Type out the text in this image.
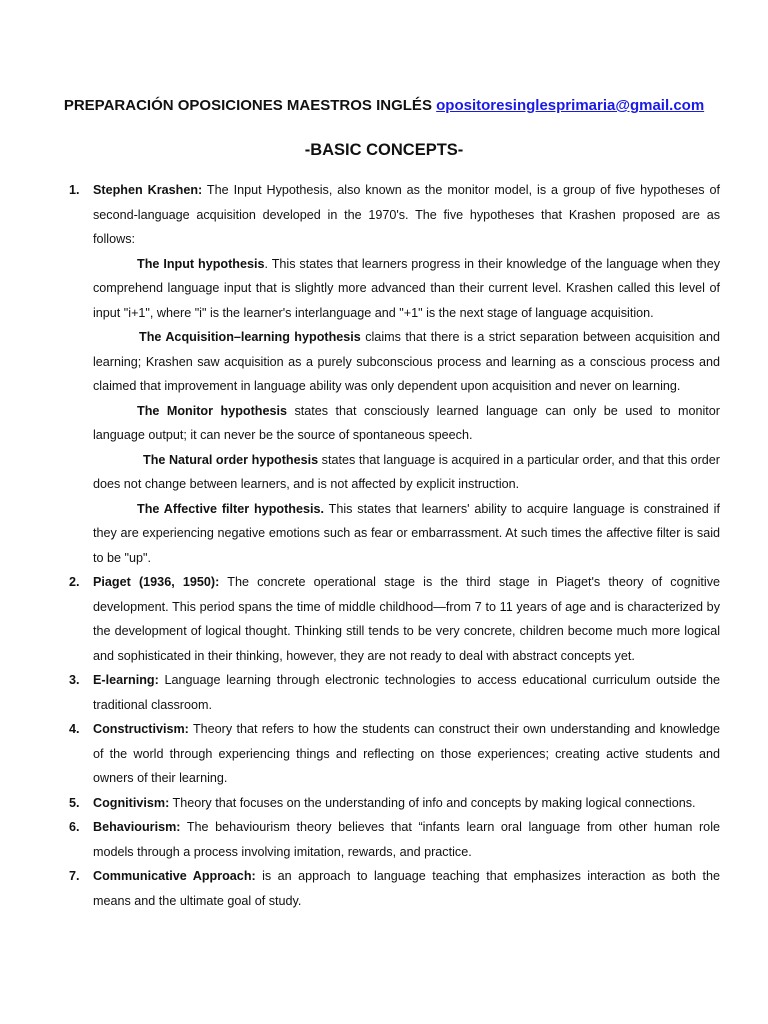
PREPARACIÓN OPOSICIONES MAESTROS INGLÉS opositoresinglesprimaria@gmail.com
-BASIC CONCEPTS-
1. Stephen Krashen: The Input Hypothesis, also known as the monitor model, is a group of five hypotheses of second-language acquisition developed in the 1970's. The five hypotheses that Krashen proposed are as follows:
The Input hypothesis. This states that learners progress in their knowledge of the language when they comprehend language input that is slightly more advanced than their current level. Krashen called this level of input "i+1", where "i" is the learner's interlanguage and "+1" is the next stage of language acquisition.
The Acquisition–learning hypothesis claims that there is a strict separation between acquisition and learning; Krashen saw acquisition as a purely subconscious process and learning as a conscious process and claimed that improvement in language ability was only dependent upon acquisition and never on learning.
The Monitor hypothesis states that consciously learned language can only be used to monitor language output; it can never be the source of spontaneous speech.
The Natural order hypothesis states that language is acquired in a particular order, and that this order does not change between learners, and is not affected by explicit instruction.
The Affective filter hypothesis. This states that learners' ability to acquire language is constrained if they are experiencing negative emotions such as fear or embarrassment. At such times the affective filter is said to be "up".
2. Piaget (1936, 1950): The concrete operational stage is the third stage in Piaget's theory of cognitive development. This period spans the time of middle childhood—from 7 to 11 years of age and is characterized by the development of logical thought. Thinking still tends to be very concrete, children become much more logical and sophisticated in their thinking, however, they are not ready to deal with abstract concepts yet.
3. E-learning: Language learning through electronic technologies to access educational curriculum outside the traditional classroom.
4. Constructivism: Theory that refers to how the students can construct their own understanding and knowledge of the world through experiencing things and reflecting on those experiences; creating active students and owners of their learning.
5. Cognitivism: Theory that focuses on the understanding of info and concepts by making logical connections.
6. Behaviourism: The behaviourism theory believes that “infants learn oral language from other human role models through a process involving imitation, rewards, and practice.
7. Communicative Approach: is an approach to language teaching that emphasizes interaction as both the means and the ultimate goal of study.
